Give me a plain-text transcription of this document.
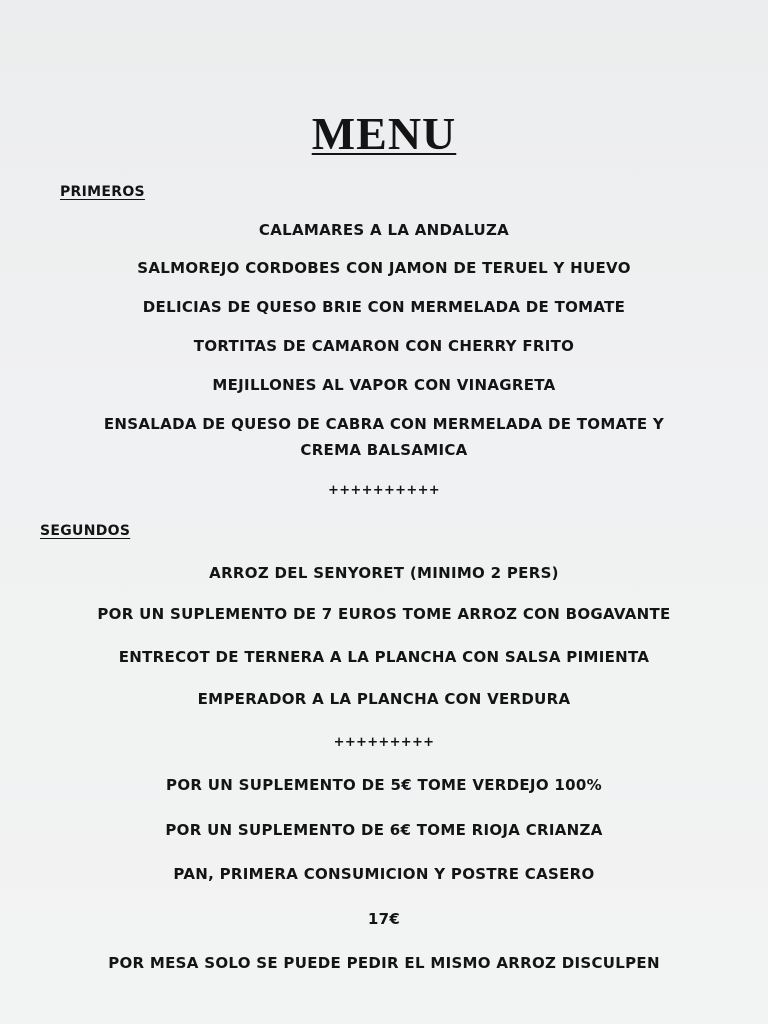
MENU
PRIMEROS
CALAMARES A LA ANDALUZA
SALMOREJO CORDOBES CON JAMON DE TERUEL Y HUEVO
DELICIAS DE QUESO BRIE CON MERMELADA DE TOMATE
TORTITAS DE CAMARON CON CHERRY FRITO
MEJILLONES AL VAPOR CON VINAGRETA
ENSALADA DE QUESO DE CABRA CON MERMELADA DE TOMATE Y
CREMA BALSAMICA
++++++++++
SEGUNDOS
ARROZ DEL SENYORET (MINIMO 2 PERS)
POR UN SUPLEMENTO DE 7 EUROS TOME ARROZ CON BOGAVANTE
ENTRECOT DE TERNERA A LA PLANCHA CON SALSA PIMIENTA
EMPERADOR A LA PLANCHA CON VERDURA
+++++++++
POR UN SUPLEMENTO DE 5€ TOME VERDEJO 100%
POR UN SUPLEMENTO DE 6€ TOME RIOJA CRIANZA
PAN, PRIMERA CONSUMICION Y POSTRE CASERO
17€
POR MESA SOLO SE PUEDE PEDIR EL MISMO ARROZ DISCULPEN
